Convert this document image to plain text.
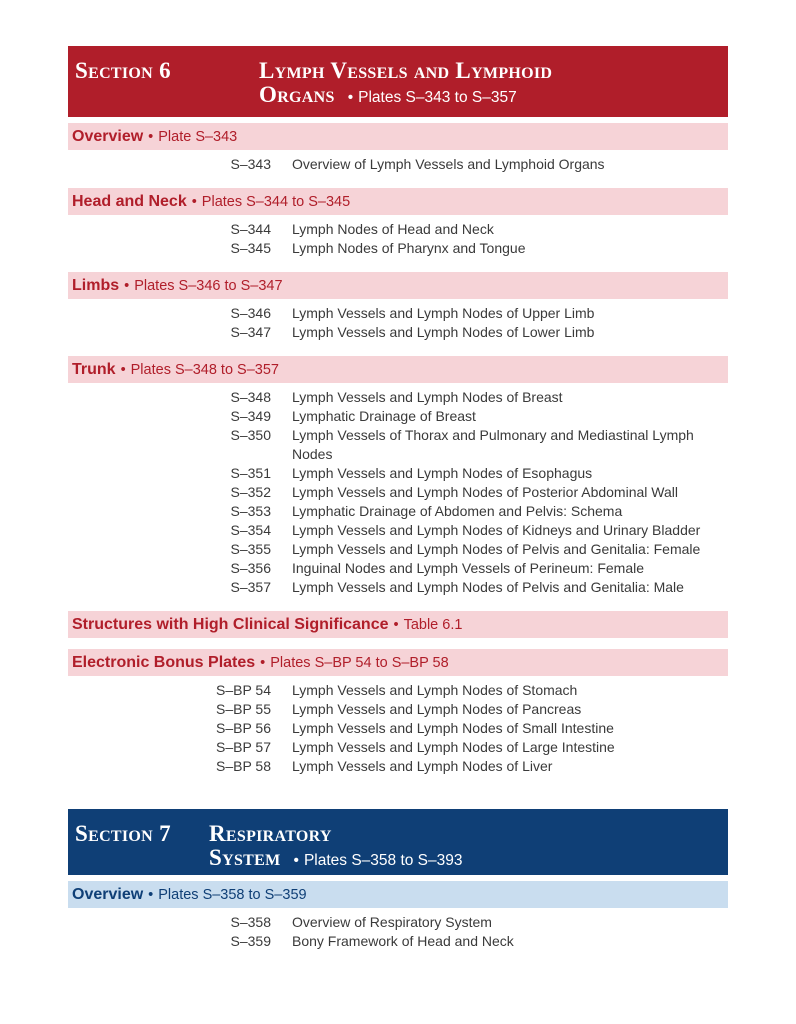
Section 6	Lymph Vessels and Lymphoid
Organs • Plates S–343 to S–357
Overview • Plate S–343
S–343	Overview of Lymph Vessels and Lymphoid Organs
Head and Neck • Plates S–344 to S–345
S–344	Lymph Nodes of Head and Neck
S–345	Lymph Nodes of Pharynx and Tongue
Limbs • Plates S–346 to S–347
S–346	Lymph Vessels and Lymph Nodes of Upper Limb
S–347	Lymph Vessels and Lymph Nodes of Lower Limb
Trunk • Plates S–348 to S–357
S–348	Lymph Vessels and Lymph Nodes of Breast
S–349	Lymphatic Drainage of Breast
S–350	Lymph Vessels of Thorax and Pulmonary and Mediastinal Lymph Nodes
S–351	Lymph Vessels and Lymph Nodes of Esophagus
S–352	Lymph Vessels and Lymph Nodes of Posterior Abdominal Wall
S–353	Lymphatic Drainage of Abdomen and Pelvis: Schema
S–354	Lymph Vessels and Lymph Nodes of Kidneys and Urinary Bladder
S–355	Lymph Vessels and Lymph Nodes of Pelvis and Genitalia: Female
S–356	Inguinal Nodes and Lymph Vessels of Perineum: Female
S–357	Lymph Vessels and Lymph Nodes of Pelvis and Genitalia: Male
Structures with High Clinical Significance • Table 6.1
Electronic Bonus Plates • Plates S–BP 54 to S–BP 58
S–BP 54	Lymph Vessels and Lymph Nodes of Stomach
S–BP 55	Lymph Vessels and Lymph Nodes of Pancreas
S–BP 56	Lymph Vessels and Lymph Nodes of Small Intestine
S–BP 57	Lymph Vessels and Lymph Nodes of Large Intestine
S–BP 58	Lymph Vessels and Lymph Nodes of Liver
Section 7	Respiratory
System • Plates S–358 to S–393
Overview • Plates S–358 to S–359
S–358	Overview of Respiratory System
S–359	Bony Framework of Head and Neck
